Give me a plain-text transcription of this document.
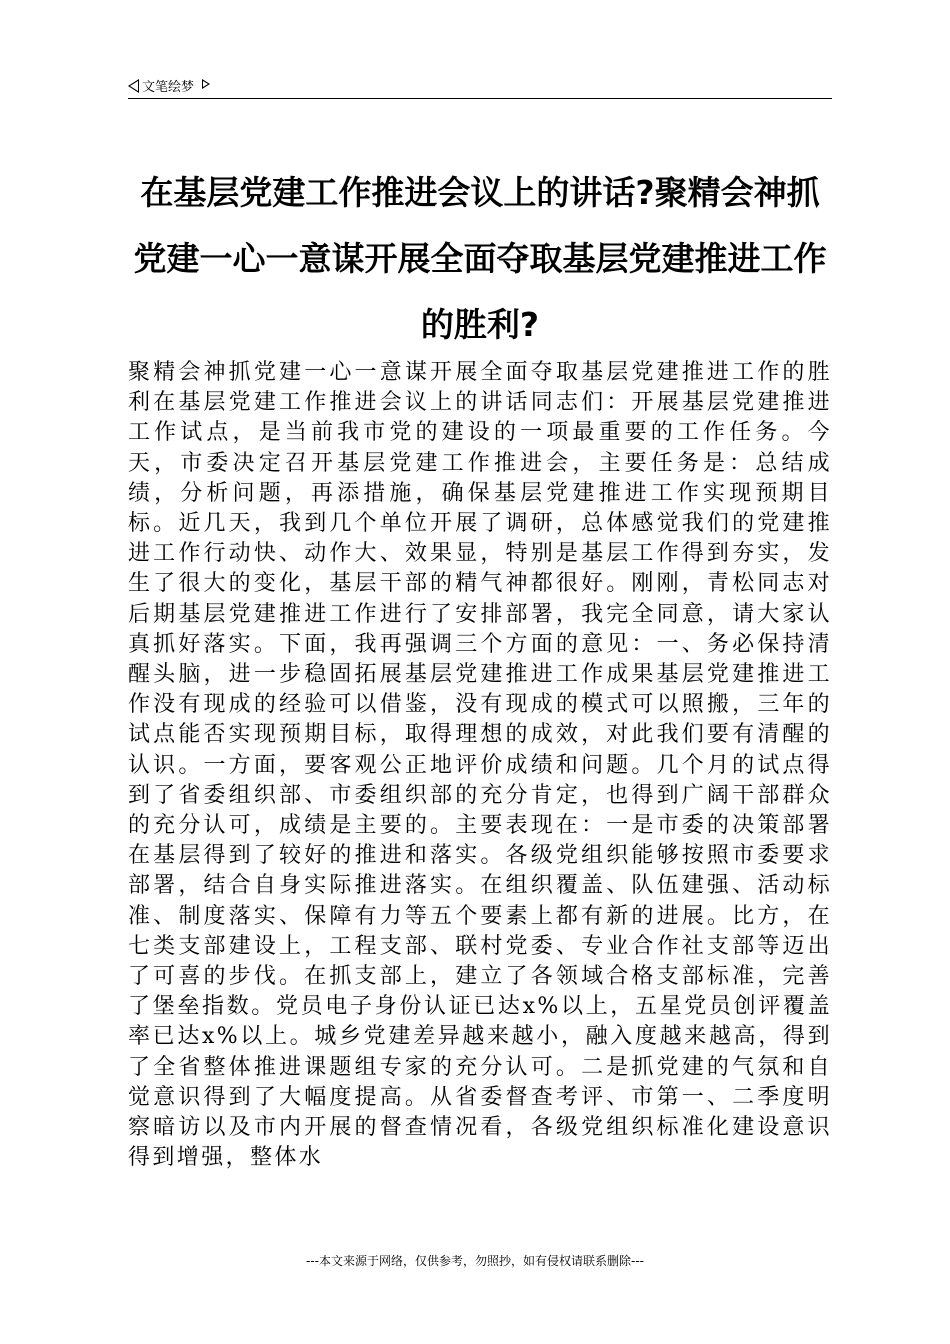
文笔绘梦
在基层党建工作推进会议上的讲话?聚精会神抓党建一心一意谋开展全面夺取基层党建推进工作的胜利?
聚精会神抓党建一心一意谋开展全面夺取基层党建推进工作的胜利在基层党建工作推进会议上的讲话同志们：开展基层党建推进工作试点，是当前我市党的建设的一项最重要的工作任务。今天，市委决定召开基层党建工作推进会，主要任务是：总结成绩，分析问题，再添措施，确保基层党建推进工作实现预期目标。近几天，我到几个单位开展了调研，总体感觉我们的党建推进工作行动快、动作大、效果显，特别是基层工作得到夯实，发生了很大的变化，基层干部的精气神都很好。刚刚，青松同志对后期基层党建推进工作进行了安排部署，我完全同意，请大家认真抓好落实。下面，我再强调三个方面的意见：一、务必保持清醒头脑，进一步稳固拓展基层党建推进工作成果基层党建推进工作没有现成的经验可以借鉴，没有现成的模式可以照搬，三年的试点能否实现预期目标，取得理想的成效，对此我们要有清醒的认识。一方面，要客观公正地评价成绩和问题。几个月的试点得到了省委组织部、市委组织部的充分肯定，也得到广阔干部群众的充分认可，成绩是主要的。主要表现在：一是市委的决策部署在基层得到了较好的推进和落实。各级党组织能够按照市委要求部署，结合自身实际推进落实。在组织覆盖、队伍建强、活动标准、制度落实、保障有力等五个要素上都有新的进展。比方，在七类支部建设上，工程支部、联村党委、专业合作社支部等迈出了可喜的步伐。在抓支部上，建立了各领域合格支部标准，完善了堡垒指数。党员电子身份认证已达x%以上，五星党员创评覆盖率已达x%以上。城乡党建差异越来越小，融入度越来越高，得到了全省整体推进课题组专家的充分认可。二是抓党建的气氛和自觉意识得到了大幅度提高。从省委督查考评、市第一、二季度明察暗访以及市内开展的督查情况看，各级党组织标准化建设意识得到增强，整体水
---本文来源于网络，仅供参考，勿照抄，如有侵权请联系删除---
